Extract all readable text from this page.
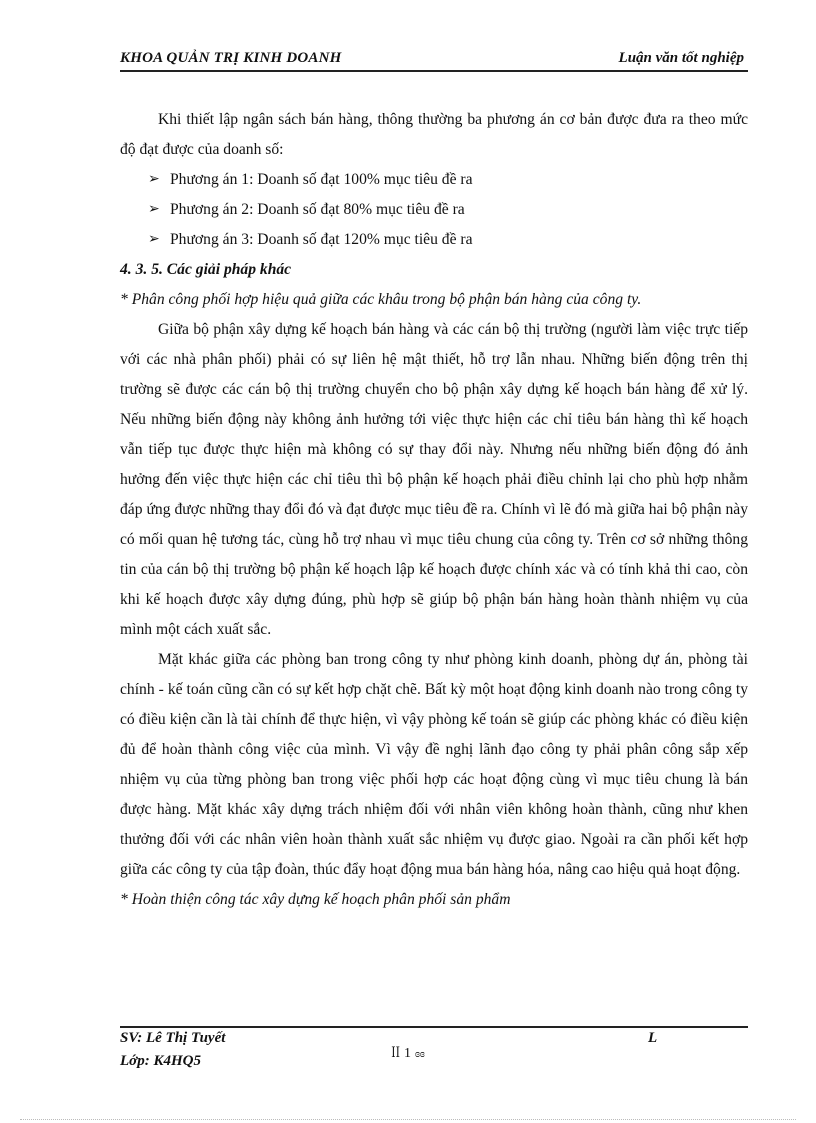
KHOA QUẢN TRỊ KINH DOANH	Luận văn tốt nghiệp

Khi thiết lập ngân sách bán hàng, thông thường ba phương án cơ bản được đưa ra theo mức độ đạt được của doanh số:

➢ Phương án 1: Doanh số đạt 100% mục tiêu đề ra
➢ Phương án 2: Doanh số đạt 80% mục tiêu đề ra
➢ Phương án 3: Doanh số đạt 120% mục tiêu đề ra

4. 3. 5. Các giải pháp khác

* Phân công phối hợp hiệu quả giữa các khâu trong bộ phận bán hàng của công ty.

Giữa bộ phận xây dựng kế hoạch bán hàng và các cán bộ thị trường (người làm việc trực tiếp với các nhà phân phối) phải có sự liên hệ mật thiết, hỗ trợ lẫn nhau. Những biến động trên thị trường sẽ được các cán bộ thị trường chuyển cho bộ phận xây dựng kế hoạch bán hàng để xử lý. Nếu những biến động này không ảnh hưởng tới việc thực hiện các chỉ tiêu bán hàng thì kế hoạch vẫn tiếp tục được thực hiện mà không có sự thay đổi này. Nhưng nếu những biến động đó ảnh hưởng đến việc thực hiện các chỉ tiêu thì bộ phận kế hoạch phải điều chỉnh lại cho phù hợp nhằm đáp ứng được những thay đổi đó và đạt được mục tiêu đề ra. Chính vì lẽ đó mà giữa hai bộ phận này có mối quan hệ tương tác, cùng hỗ trợ nhau vì mục tiêu chung của công ty. Trên cơ sở những thông tin của cán bộ thị trường bộ phận kế hoạch lập kế hoạch được chính xác và có tính khả thi cao, còn khi kế hoạch được xây dựng đúng, phù hợp sẽ giúp bộ phận bán hàng hoàn thành nhiệm vụ của mình một cách xuất sắc.

Mặt khác giữa các phòng ban trong công ty như phòng kinh doanh, phòng dự án, phòng tài chính - kế toán cũng cần có sự kết hợp chặt chẽ. Bất kỳ một hoạt động kinh doanh nào trong công ty có điều kiện cần là tài chính để thực hiện, vì vậy phòng kế toán sẽ giúp các phòng khác có điều kiện đủ để hoàn thành công việc của mình. Vì vậy đề nghị lãnh đạo công ty phải phân công sắp xếp nhiệm vụ của từng phòng ban trong việc phối hợp các hoạt động cùng vì mục tiêu chung là bán được hàng. Mặt khác xây dựng trách nhiệm đối với nhân viên không hoàn thành, cũng như khen thưởng đối với các nhân viên hoàn thành xuất sắc nhiệm vụ được giao. Ngoài ra cần phối kết hợp giữa các công ty của tập đoàn, thúc đẩy hoạt động mua bán hàng hóa, nâng cao hiệu quả hoạt động.

* Hoàn thiện công tác xây dựng kế hoạch phân phối sản phẩm

SV: Lê Thị Tuyết
Lớp: K4HQ5
L
ꟾꟾ 1 ɞɞ
